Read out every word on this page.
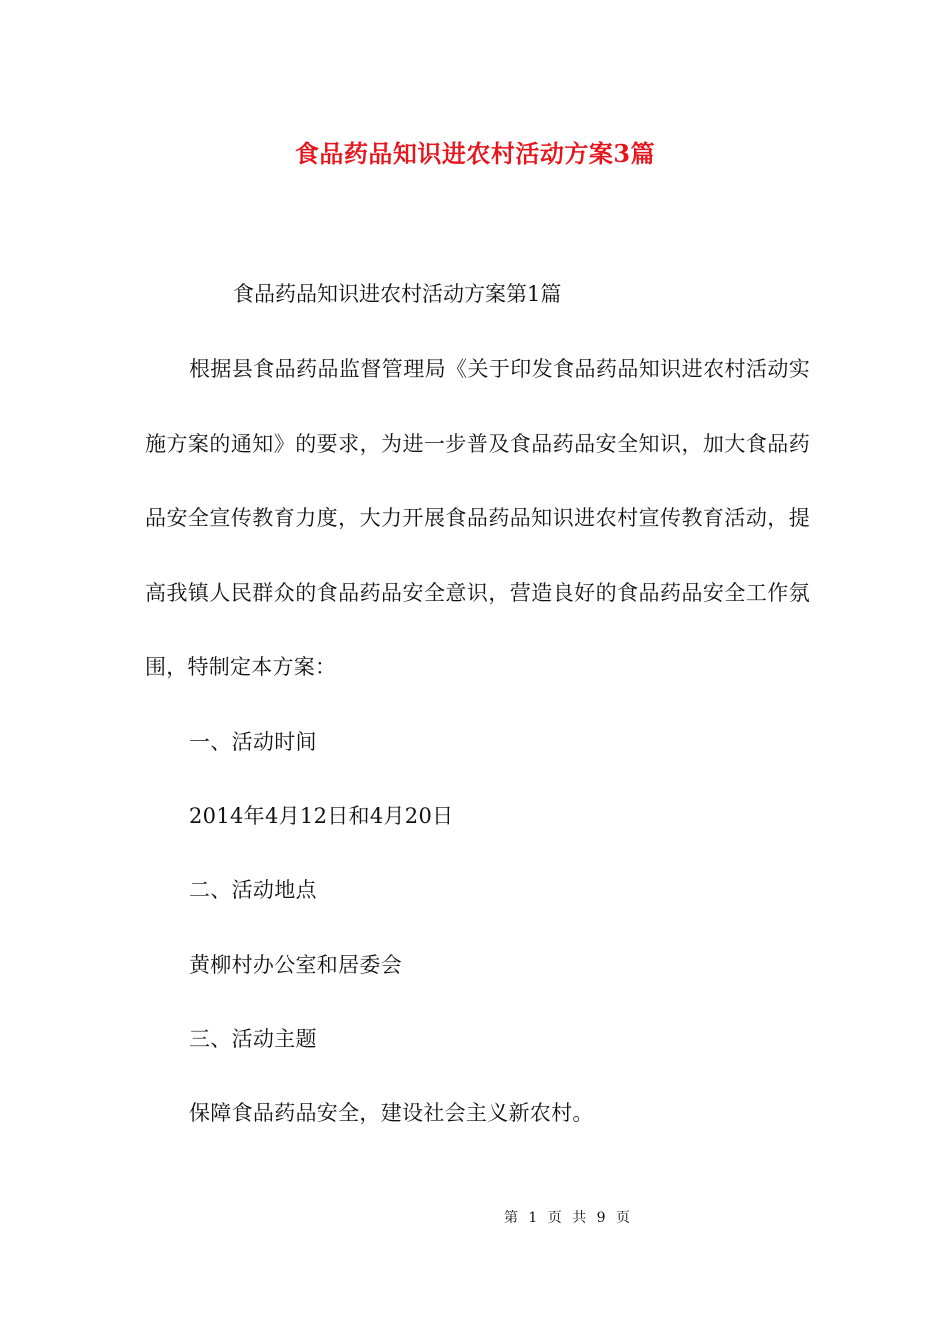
食品药品知识进农村活动方案3篇
食品药品知识进农村活动方案第1篇
根据县食品药品监督管理局《关于印发食品药品知识进农村活动实施方案的通知》的要求，为进一步普及食品药品安全知识，加大食品药品安全宣传教育力度，大力开展食品药品知识进农村宣传教育活动，提高我镇人民群众的食品药品安全意识，营造良好的食品药品安全工作氛围，特制定本方案：
一、活动时间
2014年4月12日和4月20日
二、活动地点
黄柳村办公室和居委会
三、活动主题
保障食品药品安全，建设社会主义新农村。
第 1 页 共 9 页
